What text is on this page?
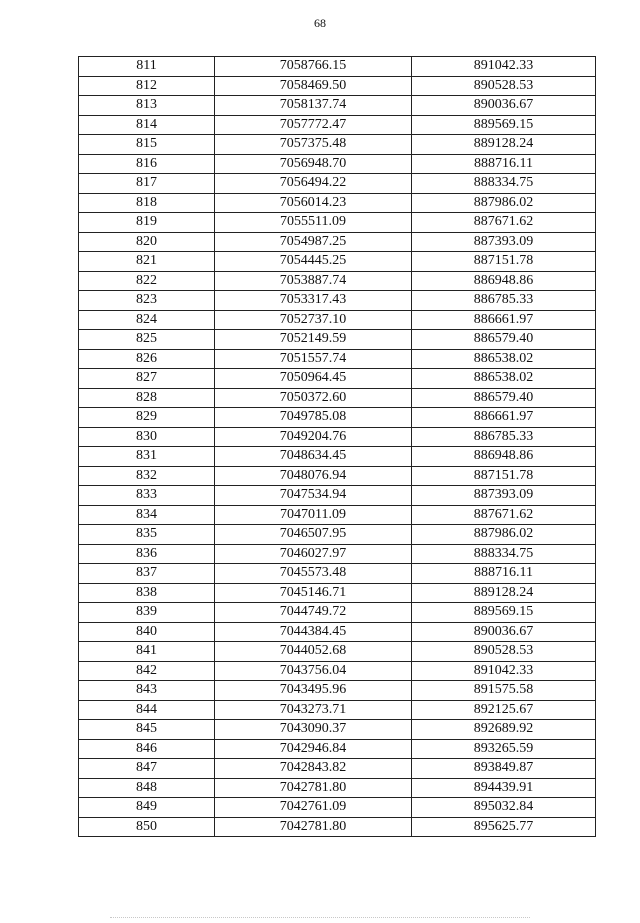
68
811	7058766.15	891042.33
812	7058469.50	890528.53
813	7058137.74	890036.67
814	7057772.47	889569.15
815	7057375.48	889128.24
816	7056948.70	888716.11
817	7056494.22	888334.75
818	7056014.23	887986.02
819	7055511.09	887671.62
820	7054987.25	887393.09
821	7054445.25	887151.78
822	7053887.74	886948.86
823	7053317.43	886785.33
824	7052737.10	886661.97
825	7052149.59	886579.40
826	7051557.74	886538.02
827	7050964.45	886538.02
828	7050372.60	886579.40
829	7049785.08	886661.97
830	7049204.76	886785.33
831	7048634.45	886948.86
832	7048076.94	887151.78
833	7047534.94	887393.09
834	7047011.09	887671.62
835	7046507.95	887986.02
836	7046027.97	888334.75
837	7045573.48	888716.11
838	7045146.71	889128.24
839	7044749.72	889569.15
840	7044384.45	890036.67
841	7044052.68	890528.53
842	7043756.04	891042.33
843	7043495.96	891575.58
844	7043273.71	892125.67
845	7043090.37	892689.92
846	7042946.84	893265.59
847	7042843.82	893849.87
848	7042781.80	894439.91
849	7042761.09	895032.84
850	7042781.80	895625.77
